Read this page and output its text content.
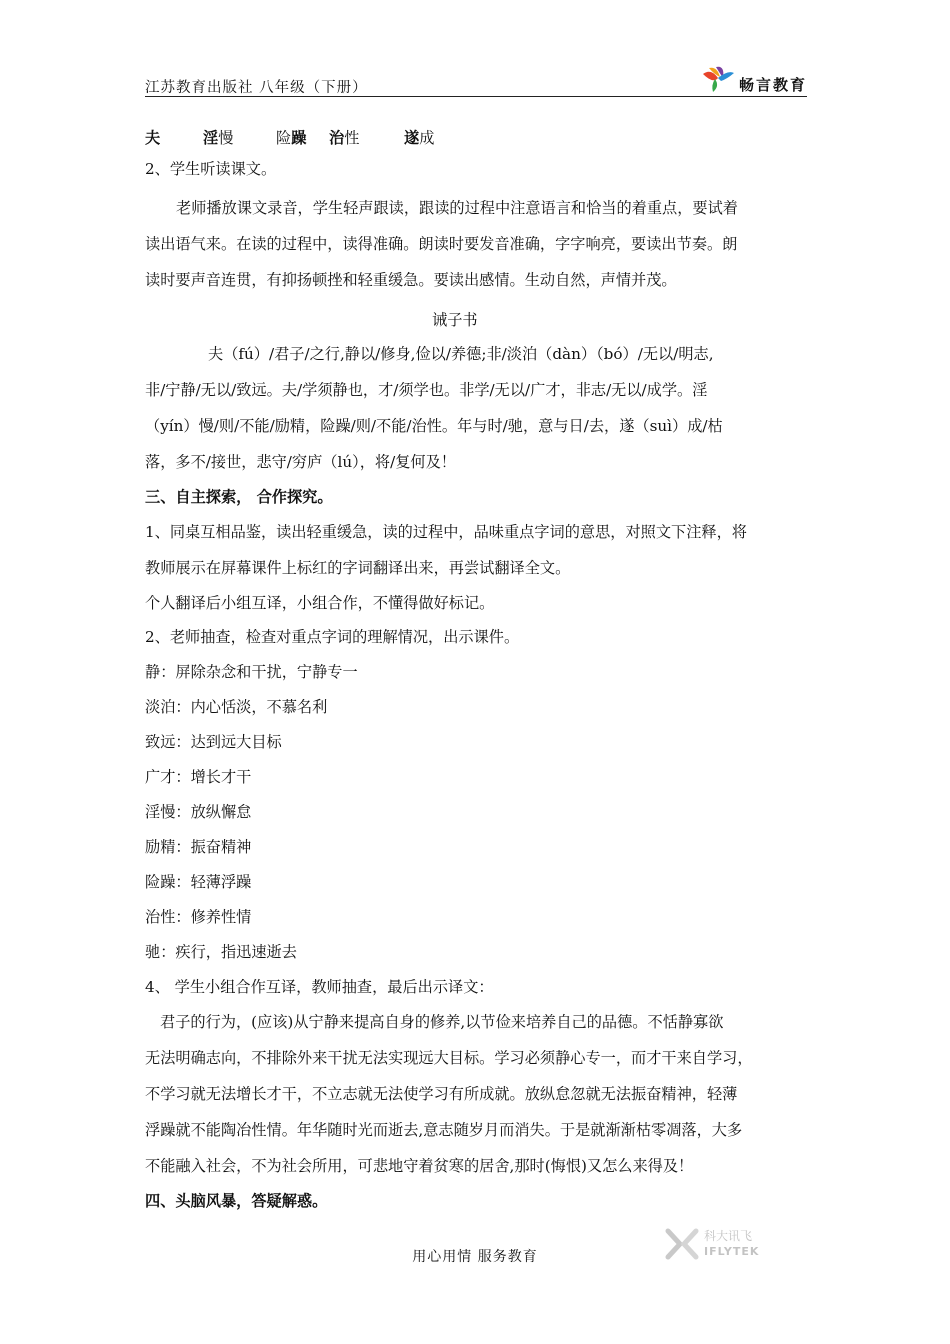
江苏教育出版社 八年级（下册）	畅言教育
夫	淫慢	险躁 治性	遂成
2、学生听读课文。
老师播放课文录音，学生轻声跟读，跟读的过程中注意语言和恰当的着重点，要试着
读出语气来。在读的过程中，读得准确。朗读时要发音准确，字字响亮，要读出节奏。朗
读时要声音连贯，有抑扬顿挫和轻重缓急。要读出感情。生动自然，声情并茂。
诫子书
夫（fú）/君子/之行,静以/修身,俭以/养德;非/淡泊（dàn）（bó）/无以/明志,
非/宁静/无以/致远。夫/学须静也，才/须学也。非学/无以/广才，非志/无以/成学。淫
（yín）慢/则/不能/励精，险躁/则/不能/治性。年与时/驰，意与日/去，遂（suì）成/枯
落，多不/接世，悲守/穷庐（lú），将/复何及！
三、自主探索， 合作探究。
1、同桌互相品鉴，读出轻重缓急，读的过程中，品味重点字词的意思，对照文下注释，将
教师展示在屏幕课件上标红的字词翻译出来，再尝试翻译全文。
个人翻译后小组互译，小组合作，不懂得做好标记。
2、老师抽查，检查对重点字词的理解情况，出示课件。
静：屏除杂念和干扰，宁静专一
淡泊：内心恬淡，不慕名利
致远：达到远大目标
广才：增长才干
淫慢：放纵懈怠
励精：振奋精神
险躁：轻薄浮躁
治性：修养性情
驰：疾行，指迅速逝去
4、 学生小组合作互译，教师抽查，最后出示译文：
君子的行为，(应该)从宁静来提高自身的修养,以节俭来培养自己的品德。不恬静寡欲
无法明确志向，不排除外来干扰无法实现远大目标。学习必须静心专一，而才干来自学习，
不学习就无法增长才干，不立志就无法使学习有所成就。放纵怠忽就无法振奋精神，轻薄
浮躁就不能陶冶性情。年华随时光而逝去,意志随岁月而消失。于是就渐渐枯零凋落，大多
不能融入社会，不为社会所用，可悲地守着贫寒的居舍,那时(悔恨)又怎么来得及！
四、头脑风暴，答疑解惑。
科大讯飞
IFLYTEK
用心用情 服务教育
